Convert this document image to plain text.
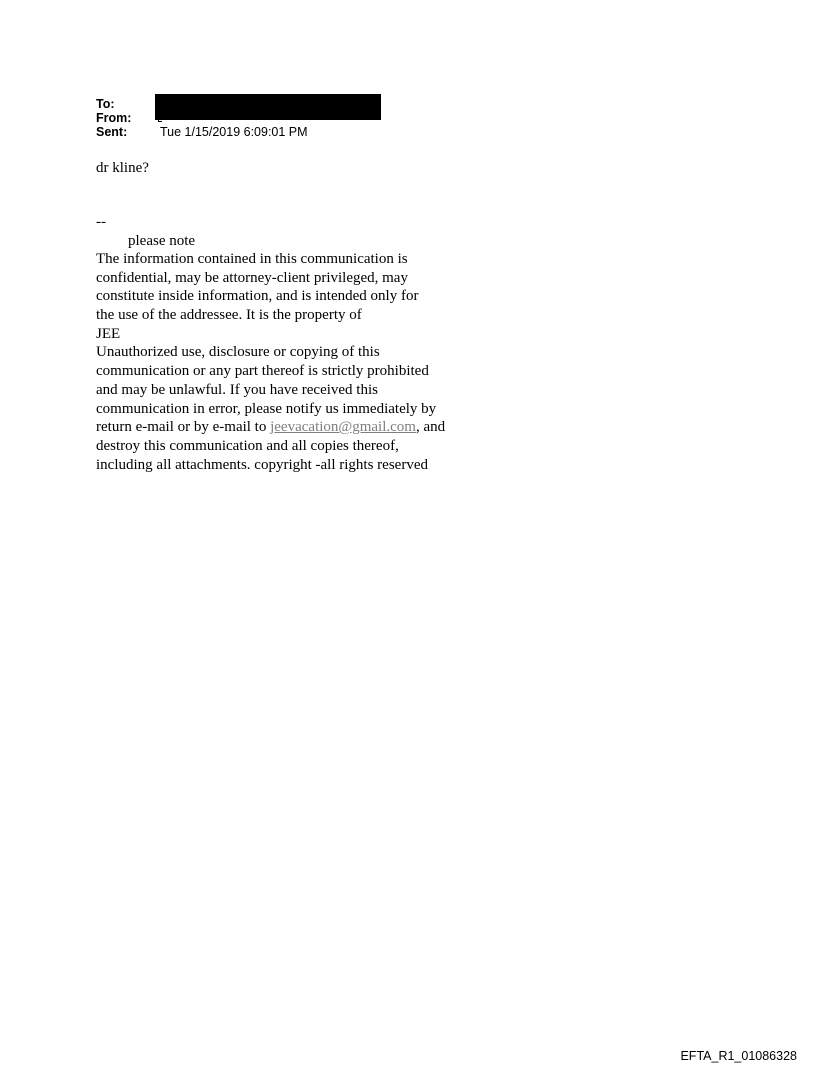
To:
From:
Sent:	Tue 1/15/2019 6:09:01 PM
dr kline?
--
please note
The information contained in this communication is
confidential, may be attorney-client privileged, may
constitute inside information, and is intended only for
the use of the addressee. It is the property of
JEE
Unauthorized use, disclosure or copying of this
communication or any part thereof is strictly prohibited
and may be unlawful. If you have received this
communication in error, please notify us immediately by
return e-mail or by e-mail to jeevacation@gmail.com, and
destroy this communication and all copies thereof,
including all attachments. copyright -all rights reserved
EFTA_R1_01086328
